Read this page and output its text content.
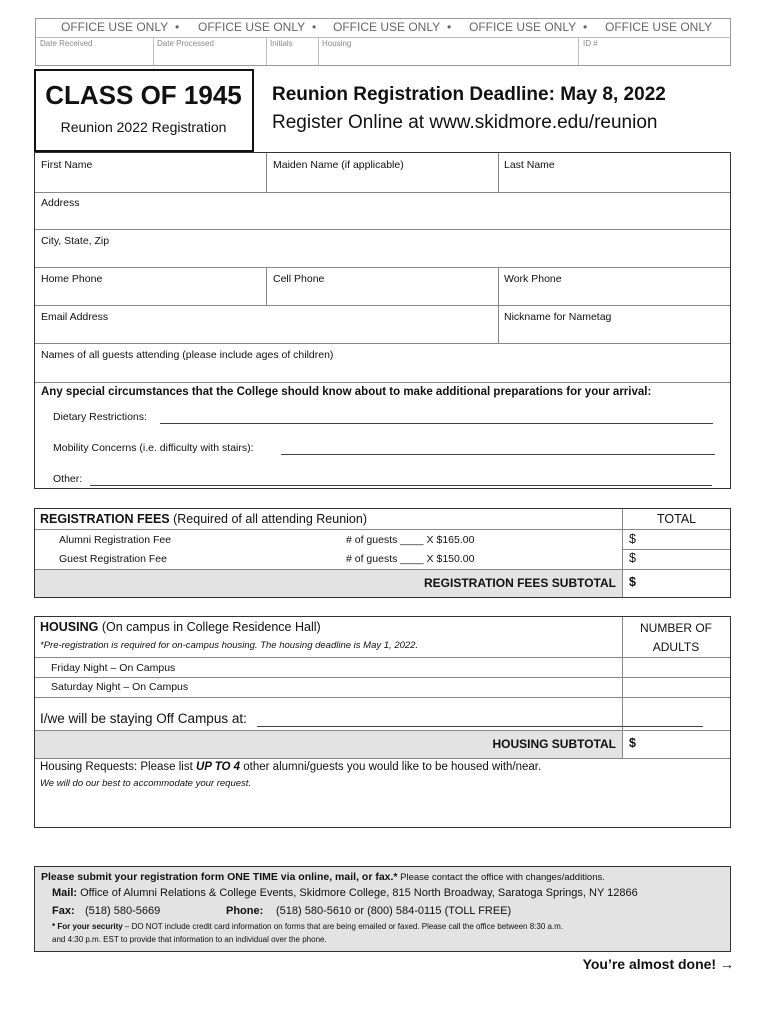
OFFICE USE ONLY • OFFICE USE ONLY • OFFICE USE ONLY • OFFICE USE ONLY • OFFICE USE ONLY
Date Received	Date Processed	Initials	Housing	ID #
CLASS OF 1945
Reunion 2022 Registration
Reunion Registration Deadline: May 8, 2022
Register Online at www.skidmore.edu/reunion
First Name	Maiden Name (if applicable)	Last Name
Address
City, State, Zip
Home Phone	Cell Phone	Work Phone
Email Address	Nickname for Nametag
Names of all guests attending (please include ages of children)
Any special circumstances that the College should know about to make additional preparations for your arrival:
Dietary Restrictions:
Mobility Concerns (i.e. difficulty with stairs):
Other:
REGISTRATION FEES (Required of all attending Reunion)	TOTAL
Alumni Registration Fee	# of guests ____ X $165.00	$
Guest Registration Fee	# of guests ____ X $150.00	$
REGISTRATION FEES SUBTOTAL $
HOUSING (On campus in College Residence Hall)
*Pre-registration is required for on-campus housing. The housing deadline is May 1, 2022.
NUMBER OF
ADULTS
Friday Night – On Campus
Saturday Night – On Campus
I/we will be staying Off Campus at:
HOUSING SUBTOTAL $
Housing Requests: Please list UP TO 4 other alumni/guests you would like to be housed with/near.
We will do our best to accommodate your request.
Please submit your registration form ONE TIME via online, mail, or fax.* Please contact the office with changes/additions.
Mail: Office of Alumni Relations & College Events, Skidmore College, 815 North Broadway, Saratoga Springs, NY 12866
Fax: (518) 580-5669	Phone: (518) 580-5610 or (800) 584-0115 (TOLL FREE)
* For your security – DO NOT include credit card information on forms that are being emailed or faxed. Please call the office between 8:30 a.m.
and 4:30 p.m. EST to provide that information to an individual over the phone.
You’re almost done! →
